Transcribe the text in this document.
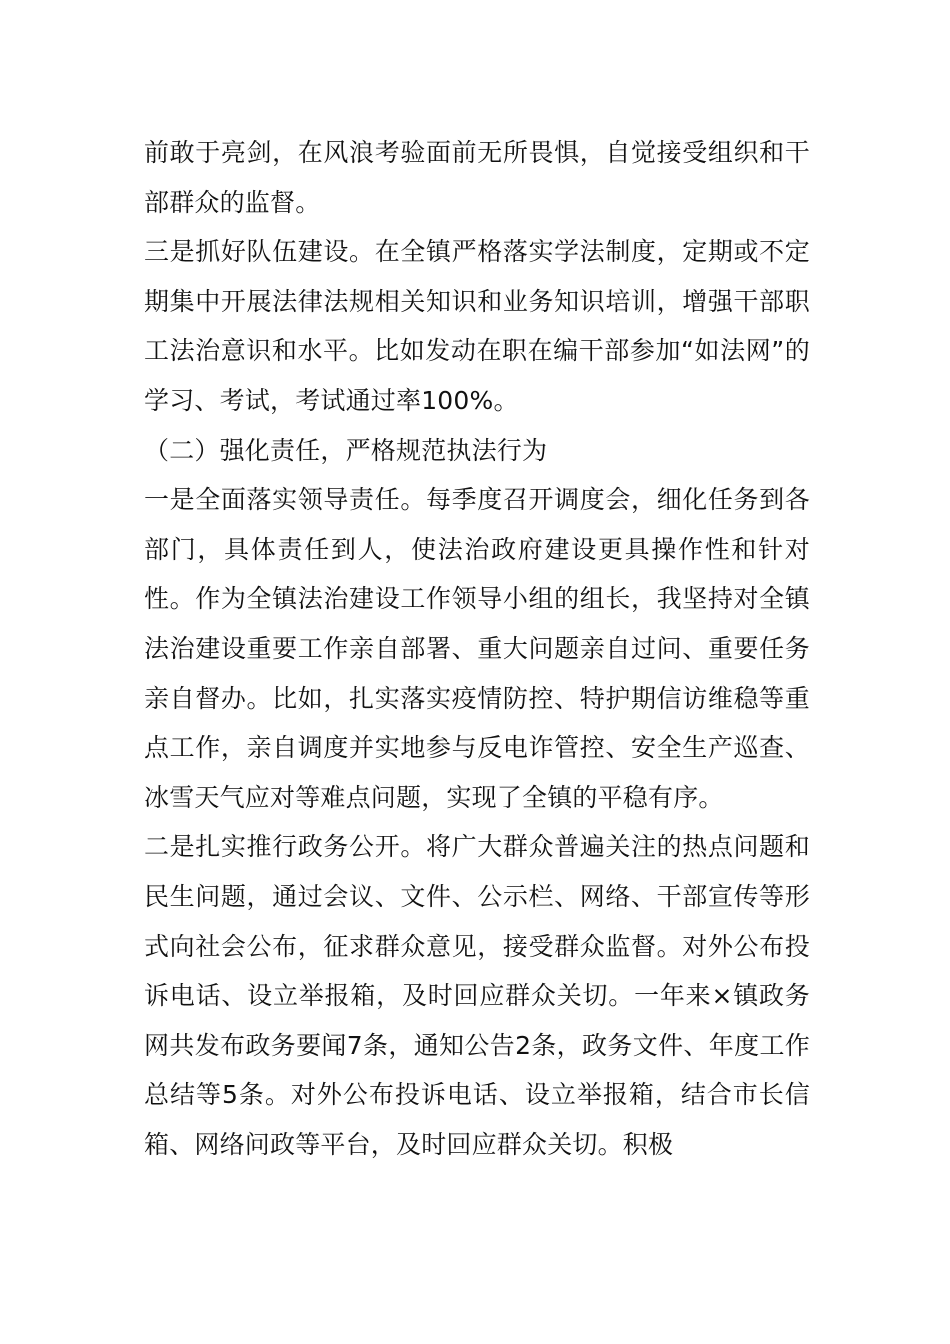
前敢于亮剑，在风浪考验面前无所畏惧，自觉接受组织和干部群众的监督。

三是抓好队伍建设。在全镇严格落实学法制度，定期或不定期集中开展法律法规相关知识和业务知识培训，增强干部职工法治意识和水平。比如发动在职在编干部参加“如法网”的学习、考试，考试通过率100%。

（二）强化责任，严格规范执法行为

一是全面落实领导责任。每季度召开调度会，细化任务到各部门，具体责任到人，使法治政府建设更具操作性和针对性。作为全镇法治建设工作领导小组的组长，我坚持对全镇法治建设重要工作亲自部署、重大问题亲自过问、重要任务亲自督办。比如，扎实落实疫情防控、特护期信访维稳等重点工作，亲自调度并实地参与反电诈管控、安全生产巡查、冰雪天气应对等难点问题，实现了全镇的平稳有序。

二是扎实推行政务公开。将广大群众普遍关注的热点问题和民生问题，通过会议、文件、公示栏、网络、干部宣传等形式向社会公布，征求群众意见，接受群众监督。对外公布投诉电话、设立举报箱，及时回应群众关切。一年来×镇政务网共发布政务要闻7条，通知公告2条，政务文件、年度工作总结等5条。对外公布投诉电话、设立举报箱，结合市长信箱、网络问政等平台，及时回应群众关切。积极
